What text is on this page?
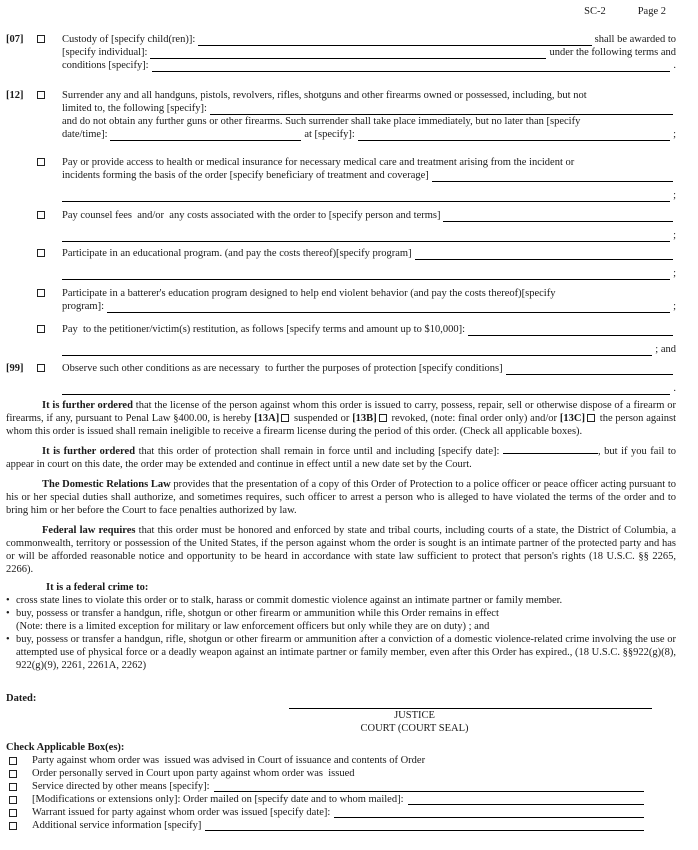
SC-2	Page 2
[07]	Custody of [specify child(ren)]:	shall be awarded to
[specify individual]:	under the following terms and
conditions [specify]:	.
[12]	Surrender any and all handguns, pistols, revolvers, rifles, shotguns and other firearms owned or possessed, including, but not
limited to, the following [specify]:
and do not obtain any further guns or other firearms. Such surrender shall take place immediately, but no later than [specify
date/time]:	at [specify]:	;
Pay or provide access to health or medical insurance for necessary medical care and treatment arising from the incident or
incidents forming the basis of the order [specify beneficiary of treatment and coverage]
;
Pay counsel fees  and/or  any costs associated with the order to [specify person and terms]
;
Participate in an educational program. (and pay the costs thereof)[specify program]
;
Participate in a batterer's education program designed to help end violent behavior (and pay the costs thereof)[specify
program]:	;
Pay  to the petitioner/victim(s) restitution, as follows [specify terms and amount up to $10,000]:
; and
[99]	Observe such other conditions as are necessary  to further the purposes of protection [specify conditions]
.

It is further ordered that the license of the person against whom this order is issued to carry, possess, repair, sell or otherwise dispose of a firearm or firearms, if any, pursuant to Penal Law §400.00, is hereby [13A] suspended or [13B] revoked, (note: final order only) and/or [13C] the person against whom this order is issued shall remain ineligible to receive a firearm license during the period of this order. (Check all applicable boxes).

It is further ordered that this order of protection shall remain in force until and including [specify date]:	, but if you fail to appear in court on this date, the order may be extended and continue in effect until a new date set by the Court.

The Domestic Relations Law provides that the presentation of a copy of this Order of Protection to a police officer or peace officer acting pursuant to his or her special duties shall authorize, and sometimes requires, such officer to arrest a person who is alleged to have violated the terms of the order and to bring him or her before the Court to face penalties authorized by law.

Federal law requires that this order must be honored and enforced by state and tribal courts, including courts of a state, the District of Columbia, a commonwealth, territory or possession of the United States, if the person against whom the order is sought is an intimate partner of the protected party and has or will be afforded reasonable notice and opportunity to be heard in accordance with state law sufficient to protect that person's rights (18 U.S.C. §§ 2265, 2266).

It is a federal crime to:
• cross state lines to violate this order or to stalk, harass or commit domestic violence against an intimate partner or family member.
• buy, possess or transfer a handgun, rifle, shotgun or other firearm or ammunition while this Order remains in effect
(Note: there is a limited exception for military or law enforcement officers but only while they are on duty) ; and
• buy, possess or transfer a handgun, rifle, shotgun or other firearm or ammunition after a conviction of a domestic violence-related crime involving the use or attempted use of physical force or a deadly weapon against an intimate partner or family member, even after this Order has expired., (18 U.S.C. §§922(g)(8), 922(g)(9), 2261, 2261A, 2262)
Dated:
JUSTICE
COURT (COURT SEAL)
Check Applicable Box(es):
Party against whom order was  issued was advised in Court of issuance and contents of Order
Order personally served in Court upon party against whom order was  issued
Service directed by other means [specify]:
[Modifications or extensions only]: Order mailed on [specify date and to whom mailed]:
Warrant issued for party against whom order was issued [specify date]:
Additional service information [specify]
